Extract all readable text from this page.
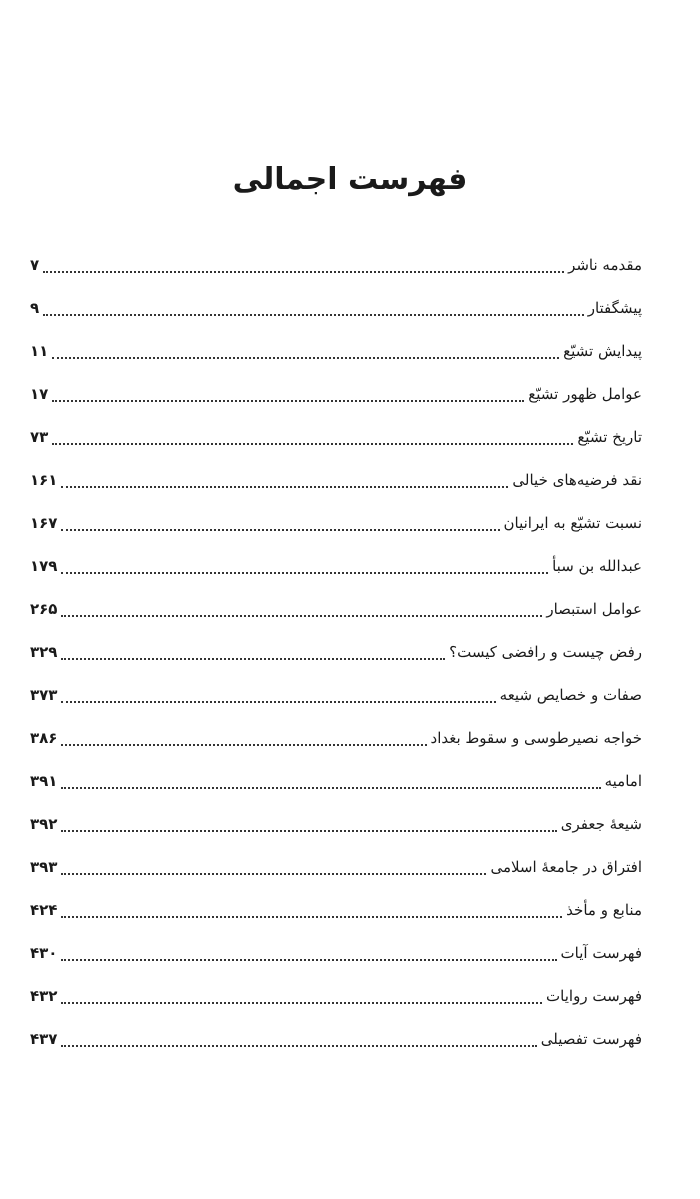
فهرست اجمالی
مقدمه ناشر
۷
پیشگفتار
۹
پیدایش تشیّع
۱۱
عوامل ظهور تشیّع
۱۷
تاریخ تشیّع
۷۳
نقد فرضیه‌های خیالی
۱۶۱
نسبت تشیّع به ایرانیان
۱۶۷
عبدالله بن سبأ
۱۷۹
عوامل استبصار
۲۶۵
رفض چیست و رافضی کیست؟
۳۲۹
صفات و خصایص شیعه
۳۷۳
خواجه نصیرطوسی و سقوط بغداد
۳۸۶
امامیه
۳۹۱
شیعهٔ جعفری
۳۹۲
افتراق در جامعهٔ اسلامی
۳۹۳
منابع و مأخذ
۴۲۴
فهرست آیات
۴۳۰
فهرست روایات
۴۳۲
فهرست تفصیلی
۴۳۷
